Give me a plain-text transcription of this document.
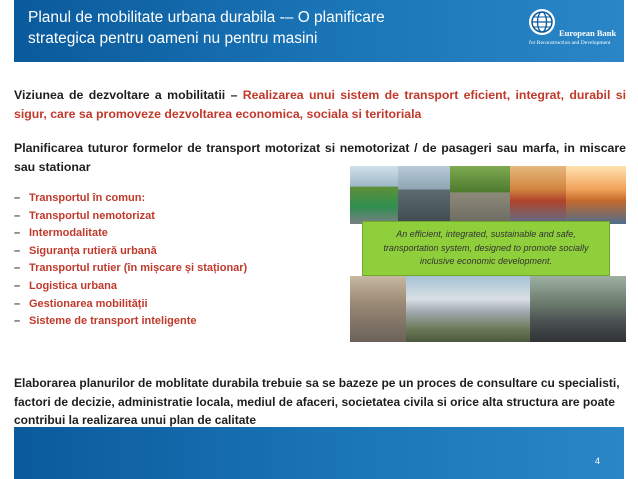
Planul de mobilitate urbana durabila -– O planificare strategica pentru oameni nu pentru masini	European Bank
for Reconstruction and Development
Viziunea de dezvoltare a mobilitatii – Realizarea unui sistem de transport eficient, integrat, durabil si sigur, care sa promoveze dezvoltarea economica, sociala si teritoriala
Planificarea tuturor formelor de transport motorizat si nemotorizat / de pasageri sau marfa, in miscare sau stationar
– Transportul în comun:
– Transportul nemotorizat
– Intermodalitate
– Siguranța rutieră urbană
– Transportul rutier (în mișcare și staționar)
– Logistica urbana
– Gestionarea mobilității
– Sisteme de transport inteligente
An efficient, integrated, sustainable and safe, transportation system, designed to promote socially inclusive economic development.
Elaborarea planurilor de moblitate durabila trebuie sa se bazeze pe un proces de consultare cu specialisti, factori de decizie, administratie locala, mediul de afaceri, societatea civila si orice alta structura are poate contribui la realizarea unui plan de calitate
4
